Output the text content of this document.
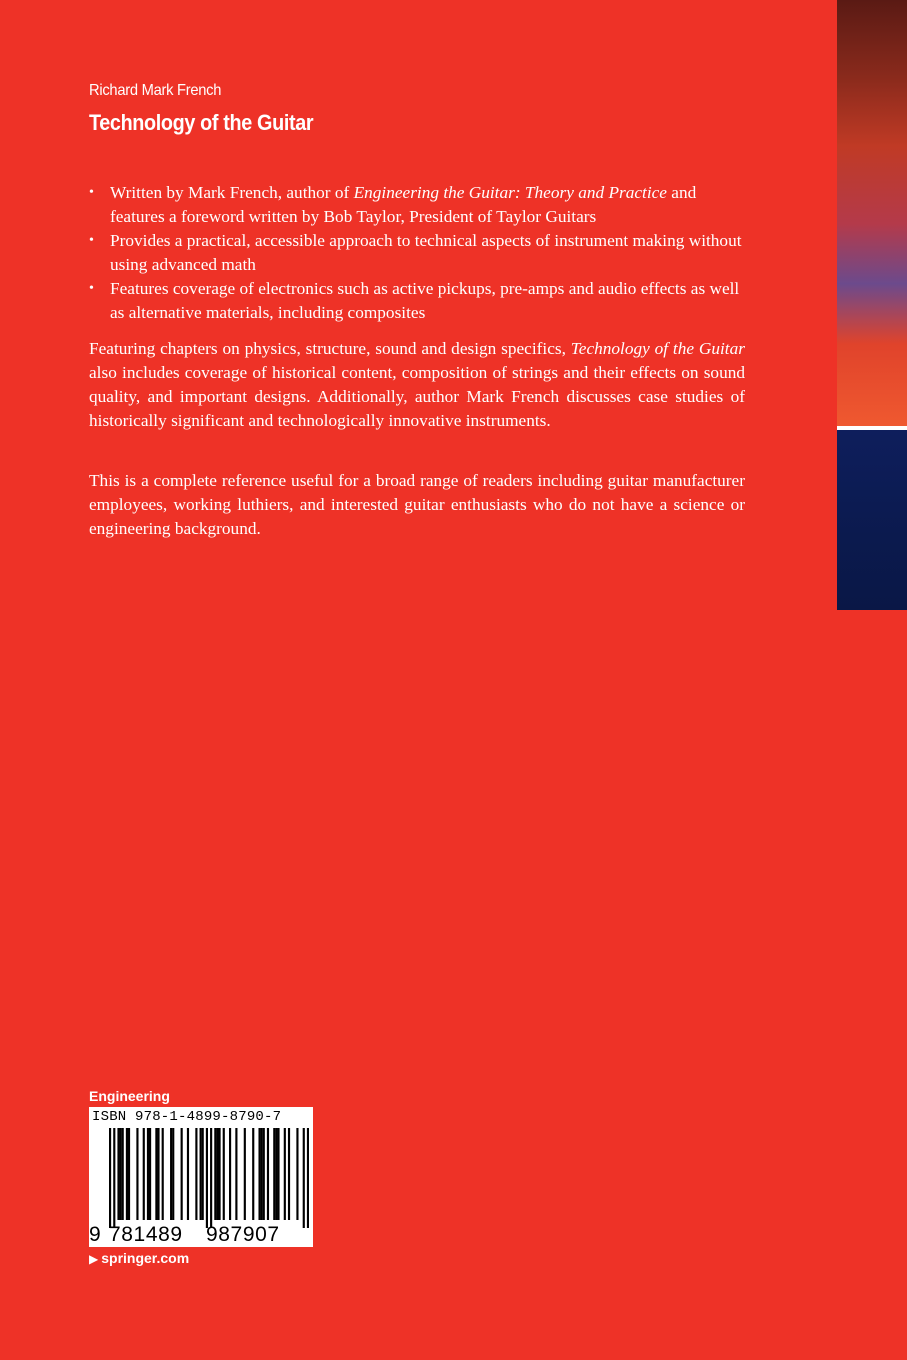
Richard Mark French
Technology of the Guitar
• Written by Mark French, author of Engineering the Guitar: Theory and Practice and features a foreword written by Bob Taylor, President of Taylor Guitars
• Provides a practical, accessible approach to technical aspects of instrument making without using advanced math
• Features coverage of electronics such as active pickups, pre-amps and audio effects as well as alternative materials, including composites

Featuring chapters on physics, structure, sound and design specifics, Technology of the Guitar also includes coverage of historical content, composition of strings and their effects on sound quality, and important designs. Additionally, author Mark French discusses case studies of historically significant and technologically innovative instruments.

This is a complete reference useful for a broad range of readers including guitar manufacturer employees, working luthiers, and interested guitar enthusiasts who do not have a science or engineering background.

Engineering
ISBN 978-1-4899-8790-7
9 781489 987907
▶ springer.com
